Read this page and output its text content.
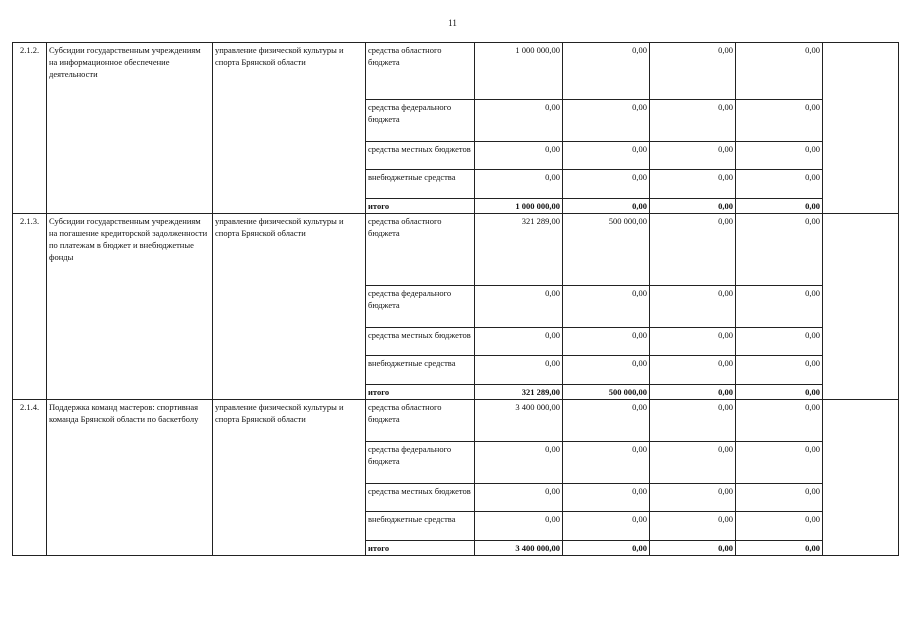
11
2.1.2.	Субсидии государственным учреждениям на информационное обеспечение деятельности	управление физической культуры и спорта Брянской области	средства областного бюджета	1 000 000,00	0,00	0,00	0,00	
			средства федерального бюджета	0,00	0,00	0,00	0,00	
			средства местных бюджетов	0,00	0,00	0,00	0,00	
			внебюджетные средства	0,00	0,00	0,00	0,00	
			итого	1 000 000,00	0,00	0,00	0,00	
2.1.3.	Субсидии государственным учреждениям на погашение кредиторской задолженности по платежам в бюджет и внебюджетные фонды	управление физической культуры и спорта Брянской области	средства областного бюджета	321 289,00	500 000,00	0,00	0,00	
			средства федерального бюджета	0,00	0,00	0,00	0,00	
			средства местных бюджетов	0,00	0,00	0,00	0,00	
			внебюджетные средства	0,00	0,00	0,00	0,00	
			итого	321 289,00	500 000,00	0,00	0,00	
2.1.4.	Поддержка команд мастеров: спортивная команда Брянской области по баскетболу	управление физической культуры и спорта Брянской области	средства областного бюджета	3 400 000,00	0,00	0,00	0,00	
			средства федерального бюджета	0,00	0,00	0,00	0,00	
			средства местных бюджетов	0,00	0,00	0,00	0,00	
			внебюджетные средства	0,00	0,00	0,00	0,00	
			итого	3 400 000,00	0,00	0,00	0,00	
